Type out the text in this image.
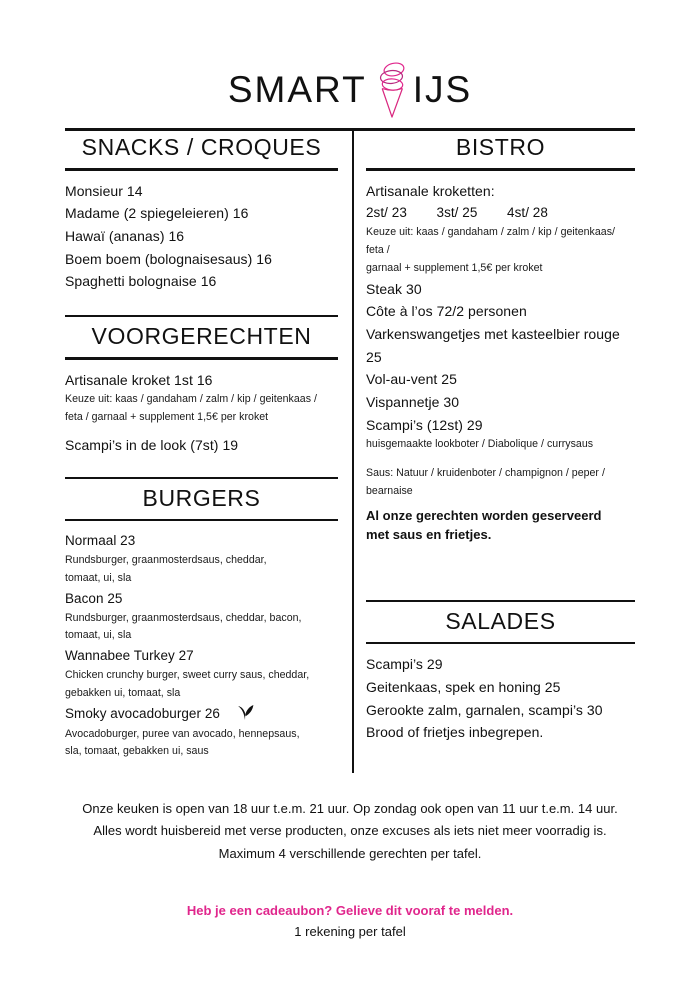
SMART IJS
SNACKS / CROQUES
Monsieur 14
Madame (2 spiegeleieren) 16
Hawaï (ananas) 16
Boem boem (bolognaisesaus) 16
Spaghetti bolognaise 16
VOORGERECHTEN
Artisanale kroket 1st 16
Keuze uit: kaas / gandaham / zalm / kip / geitenkaas /
feta / garnaal + supplement 1,5€ per kroket
Scampi’s in de look (7st) 19
BURGERS
Normaal 23
Rundsburger, graanmosterdsaus, cheddar,
tomaat, ui, sla
Bacon 25
Rundsburger, graanmosterdsaus, cheddar, bacon,
tomaat, ui, sla
Wannabee Turkey 27
Chicken crunchy burger, sweet curry saus, cheddar,
gebakken ui, tomaat, sla
Smoky avocadoburger 26
Avocadoburger, puree van avocado, hennepsaus,
sla, tomaat, gebakken ui, saus
BISTRO
Artisanale kroketten:
2st/ 23 3st/ 25 4st/ 28
Keuze uit: kaas / gandaham / zalm / kip / geitenkaas/ feta /
garnaal + supplement 1,5€ per kroket
Steak 30
Côte à l’os 72/2 personen
Varkenswangetjes met kasteelbier rouge 25
Vol-au-vent 25
Vispannetje 30
Scampi’s (12st) 29
huisgemaakte lookboter / Diabolique / currysaus
Saus: Natuur / kruidenboter / champignon / peper /
bearnaise
Al onze gerechten worden geserveerd
met saus en frietjes.
SALADES
Scampi’s 29
Geitenkaas, spek en honing 25
Gerookte zalm, garnalen, scampi’s 30
Brood of frietjes inbegrepen.

Onze keuken is open van 18 uur t.e.m. 21 uur. Op zondag ook open van 11 uur t.e.m. 14 uur.

Alles wordt huisbereid met verse producten, onze excuses als iets niet meer voorradig is.

Maximum 4 verschillende gerechten per tafel.

Heb je een cadeaubon? Gelieve dit vooraf te melden.
1 rekening per tafel
